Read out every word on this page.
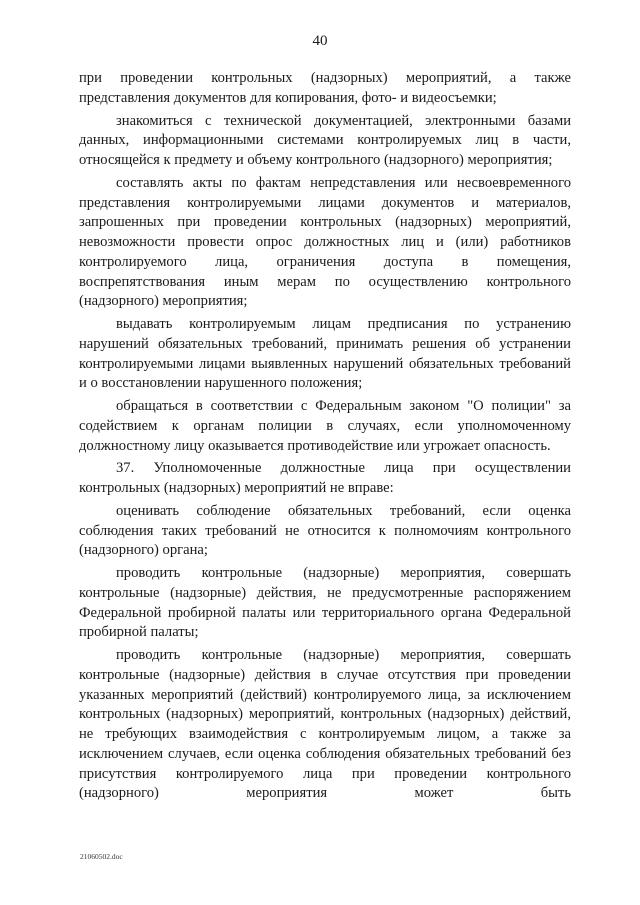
40

при проведении контрольных (надзорных) мероприятий, а также представления документов для копирования, фото- и видеосъемки;

знакомиться с технической документацией, электронными базами данных, информационными системами контролируемых лиц в части, относящейся к предмету и объему контрольного (надзорного) мероприятия;

составлять акты по фактам непредставления или несвоевременного представления контролируемыми лицами документов и материалов, запрошенных при проведении контрольных (надзорных) мероприятий, невозможности провести опрос должностных лиц и (или) работников контролируемого лица, ограничения доступа в помещения, воспрепятствования иным мерам по осуществлению контрольного (надзорного) мероприятия;

выдавать контролируемым лицам предписания по устранению нарушений обязательных требований, принимать решения об устранении контролируемыми лицами выявленных нарушений обязательных требований и о восстановлении нарушенного положения;

обращаться в соответствии с Федеральным законом "О полиции" за содействием к органам полиции в случаях, если уполномоченному должностному лицу оказывается противодействие или угрожает опасность.

37. Уполномоченные должностные лица при осуществлении контрольных (надзорных) мероприятий не вправе:

оценивать соблюдение обязательных требований, если оценка соблюдения таких требований не относится к полномочиям контрольного (надзорного) органа;

проводить контрольные (надзорные) мероприятия, совершать контрольные (надзорные) действия, не предусмотренные распоряжением Федеральной пробирной палаты или территориального органа Федеральной пробирной палаты;

проводить контрольные (надзорные) мероприятия, совершать контрольные (надзорные) действия в случае отсутствия при проведении указанных мероприятий (действий) контролируемого лица, за исключением контрольных (надзорных) мероприятий, контрольных (надзорных) действий, не требующих взаимодействия с контролируемым лицом, а также за исключением случаев, если оценка соблюдения обязательных требований без присутствия контролируемого лица при проведении контрольного (надзорного) мероприятия может быть

21060502.doc
